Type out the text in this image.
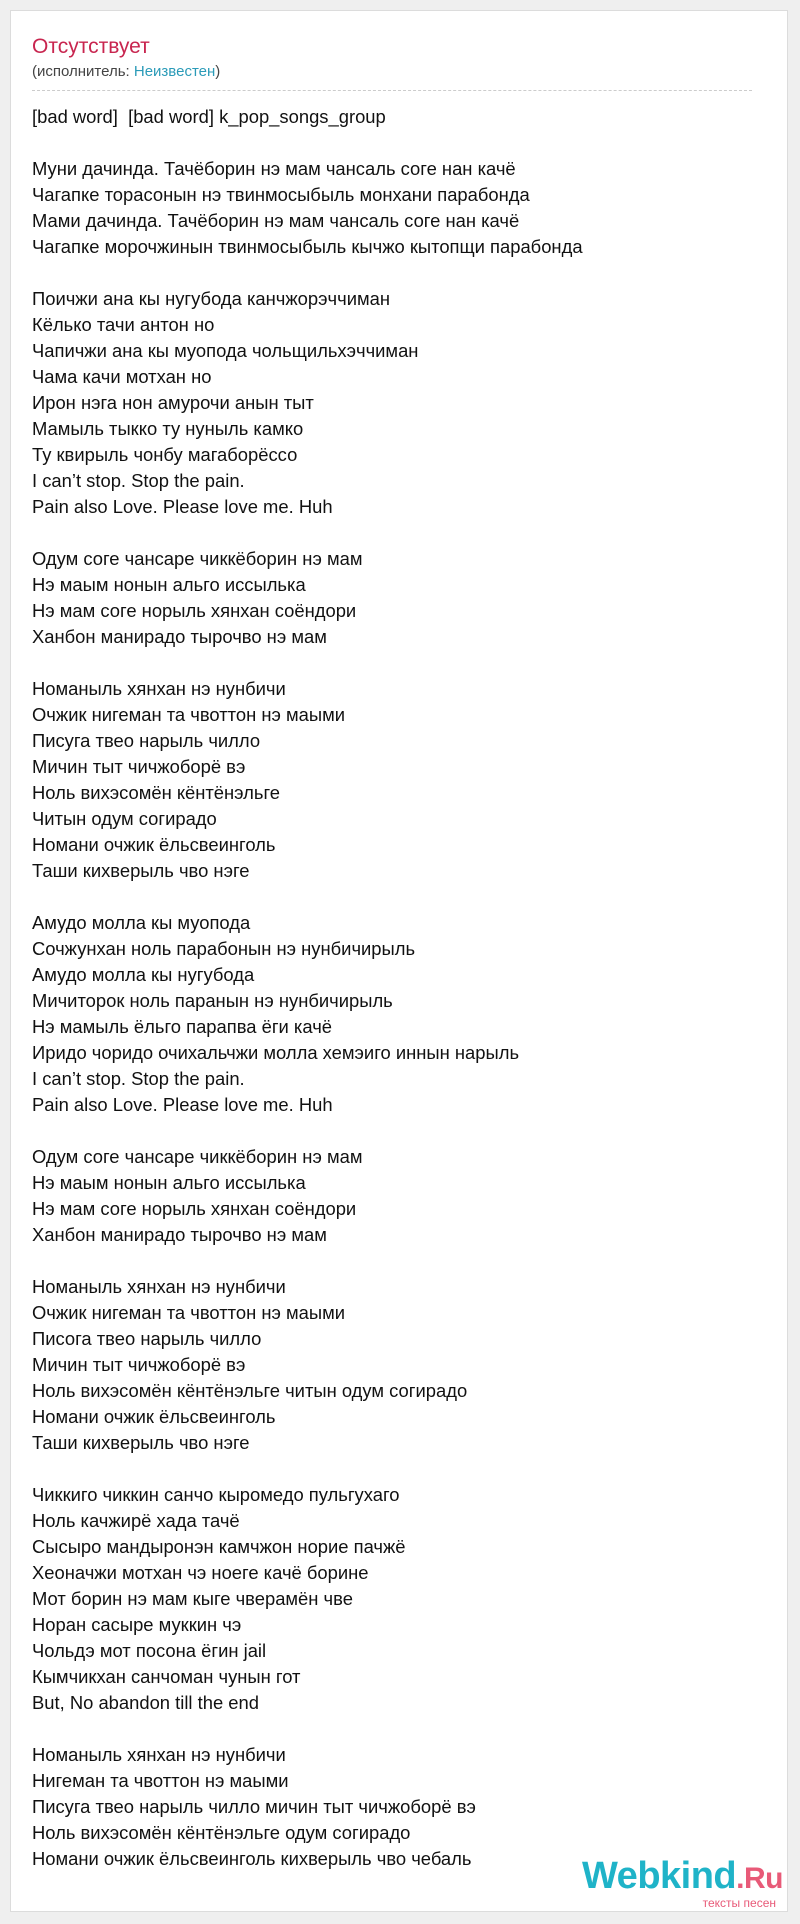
Отсутствует
(исполнитель: Неизвестен)
[bad word]  [bad word] k_pop_songs_group
Муни дачинда. Тачёборин нэ мам чансаль соге нан качё
Чагапке торасонын нэ твинмосыбыль монхани парабонда
Мами дачинда. Тачёборин нэ мам чансаль соге нан качё
Чагапке морочжинын твинмосыбыль кычжо кытопщи парабонда
Поичжи ана кы нугубода канчжорэччиман
Кёлько тачи антон но
Чапичжи ана кы муопода чольщильхэччиман
Чама качи мотхан но
Ирон нэга нон амурочи анын тыт
Мамыль тыкко ту нуныль камко
Ту квирыль чонбу магаборёссо
I can’t stop. Stop the pain.
Pain also Love. Please love me. Huh
Одум соге чансаре чиккёборин нэ мам
Нэ маым нонын альго иссылька
Нэ мам соге норыль хянхан соёндори
Ханбон манирадо тырочво нэ мам
Номаныль хянхан нэ нунбичи
Очжик нигеман та чвоттон нэ маыми
Писуга твео нарыль чилло
Мичин тыт чичжоборё вэ
Ноль вихэсомён кёнтёнэльге
Читын одум согирадо
Номани очжик ёльсвеинголь
Таши кихверыль чво нэге
Амудо молла кы муопода
Сочжунхан ноль парабонын нэ нунбичирыль
Амудо молла кы нугубода
Мичиторок ноль паранын нэ нунбичирыль
Нэ мамыль ёльго парапва ёги качё
Иридо чоридо очихальчжи молла хемэиго иннын нарыль
I can’t stop. Stop the pain.
Pain also Love. Please love me. Huh
Одум соге чансаре чиккёборин нэ мам
Нэ маым нонын альго иссылька
Нэ мам соге норыль хянхан соёндори
Ханбон манирадо тырочво нэ мам
Номаныль хянхан нэ нунбичи
Очжик нигеман та чвоттон нэ маыми
Писога твео нарыль чилло
Мичин тыт чичжоборё вэ
Ноль вихэсомён кёнтёнэльге читын одум согирадо
Номани очжик ёльсвеинголь
Таши кихверыль чво нэге
Чиккиго чиккин санчо кыромедо пульгухаго
Ноль качжирё хада тачё
Сысыро мандыронэн камчжон норие пачжё
Хеоначжи мотхан чэ ноеге качё борине
Мот борин нэ мам кыге чверамён чве
Норан сасыре муккин чэ
Чольдэ мот посона ёгин jail
Кымчикхан санчоман чунын гот
But, No abandon till the end
Номаныль хянхан нэ нунбичи
Нигеман та чвоттон нэ маыми
Писуга твео нарыль чилло мичин тыт чичжоборё вэ
Ноль вихэсомён кёнтёнэльге одум согирадо
Номани очжик ёльсвеинголь кихверыль чво чебаль	Webkind.Ru
тексты песен
